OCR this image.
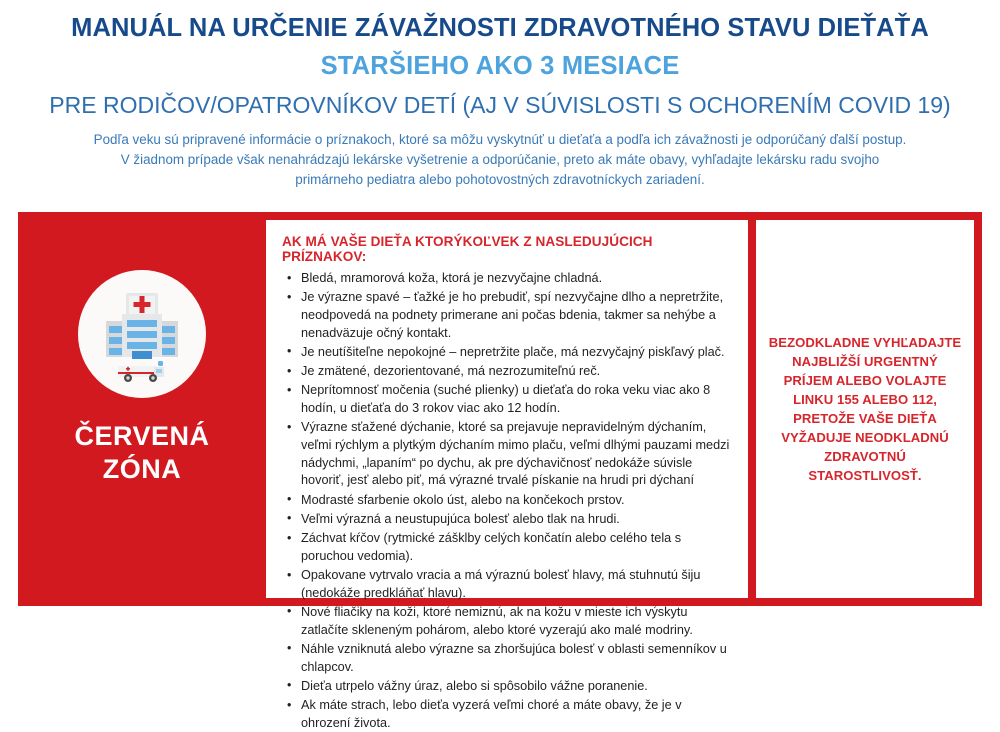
MANUÁL NA URČENIE ZÁVAŽNOSTI ZDRAVOTNÉHO STAVU DIEŤAŤA
STARŠIEHO AKO 3 MESIACE
PRE RODIČOV/OPATROVNÍKOV DETÍ (AJ V SÚVISLOSTI S OCHORENÍM COVID 19)

Podľa veku sú pripravené informácie o príznakoch, ktoré sa môžu vyskytnúť u dieťaťa a podľa ich závažnosti je odporúčaný ďalší postup.

V žiadnom prípade však nenahrádzajú lekárske vyšetrenie a odporúčanie, preto ak máte obavy, vyhľadajte lekársku radu svojho

primárneho pediatra alebo pohotovostných zdravotníckych zariadení.

ČERVENÁ
ZÓNA
AK MÁ VAŠE DIEŤA KTORÝKOĽVEK Z NASLEDUJÚCICH PRÍZNAKOV:
• Bledá, mramorová koža, ktorá je nezvyčajne chladná.
• Je výrazne spavé – ťažké je ho prebudiť, spí nezvyčajne dlho a nepretržite, neodpovedá na podnety primerane ani počas bdenia, takmer sa nehýbe a nenadväzuje očný kontakt.
• Je neutíšiteľne nepokojné – nepretržite plače, má nezvyčajný piskľavý plač.
• Je zmätené, dezorientované, má nezrozumiteľnú reč.
• Neprítomnosť močenia (suché plienky) u dieťaťa do roka veku viac ako 8 hodín, u dieťaťa do 3 rokov viac ako 12 hodín.
• Výrazne sťažené dýchanie, ktoré sa prejavuje nepravidelným dýchaním, veľmi rýchlym a plytkým dýchaním mimo plaču, veľmi dlhými pauzami medzi nádychmi, „lapaním“ po dychu, ak pre dýchavičnosť nedokáže súvisle hovoriť, jesť alebo piť, má výrazné trvalé pískanie na hrudi pri dýchaní
• Modrasté sfarbenie okolo úst, alebo na končekoch prstov.
• Veľmi výrazná a neustupujúca bolesť alebo tlak na hrudi.
• Záchvat kŕčov (rytmické zášklby celých končatín alebo celého tela s poruchou vedomia).
• Opakovane vytrvalo vracia a má výraznú bolesť hlavy, má stuhnutú šiju (nedokáže predkláňať hlavu).
• Nové fliačiky na koži, ktoré nemiznú, ak na kožu v mieste ich výskytu zatlačíte skleneným pohárom, alebo ktoré vyzerajú ako malé modriny.
• Náhle vzniknutá alebo výrazne sa zhoršujúca bolesť v oblasti semenníkov u chlapcov.
• Dieťa utrpelo vážny úraz, alebo si spôsobilo vážne poranenie.
• Ak máte strach, lebo dieťa vyzerá veľmi choré a máte obavy, že je v ohrození života.
BEZODKLADNE VYHĽADAJTE NAJBLIŽŠÍ URGENTNÝ PRÍJEM ALEBO VOLAJTE LINKU 155 ALEBO 112, PRETOŽE VAŠE DIEŤA VYŽADUJE NEODKLADNÚ ZDRAVOTNÚ STAROSTLIVOSŤ.
